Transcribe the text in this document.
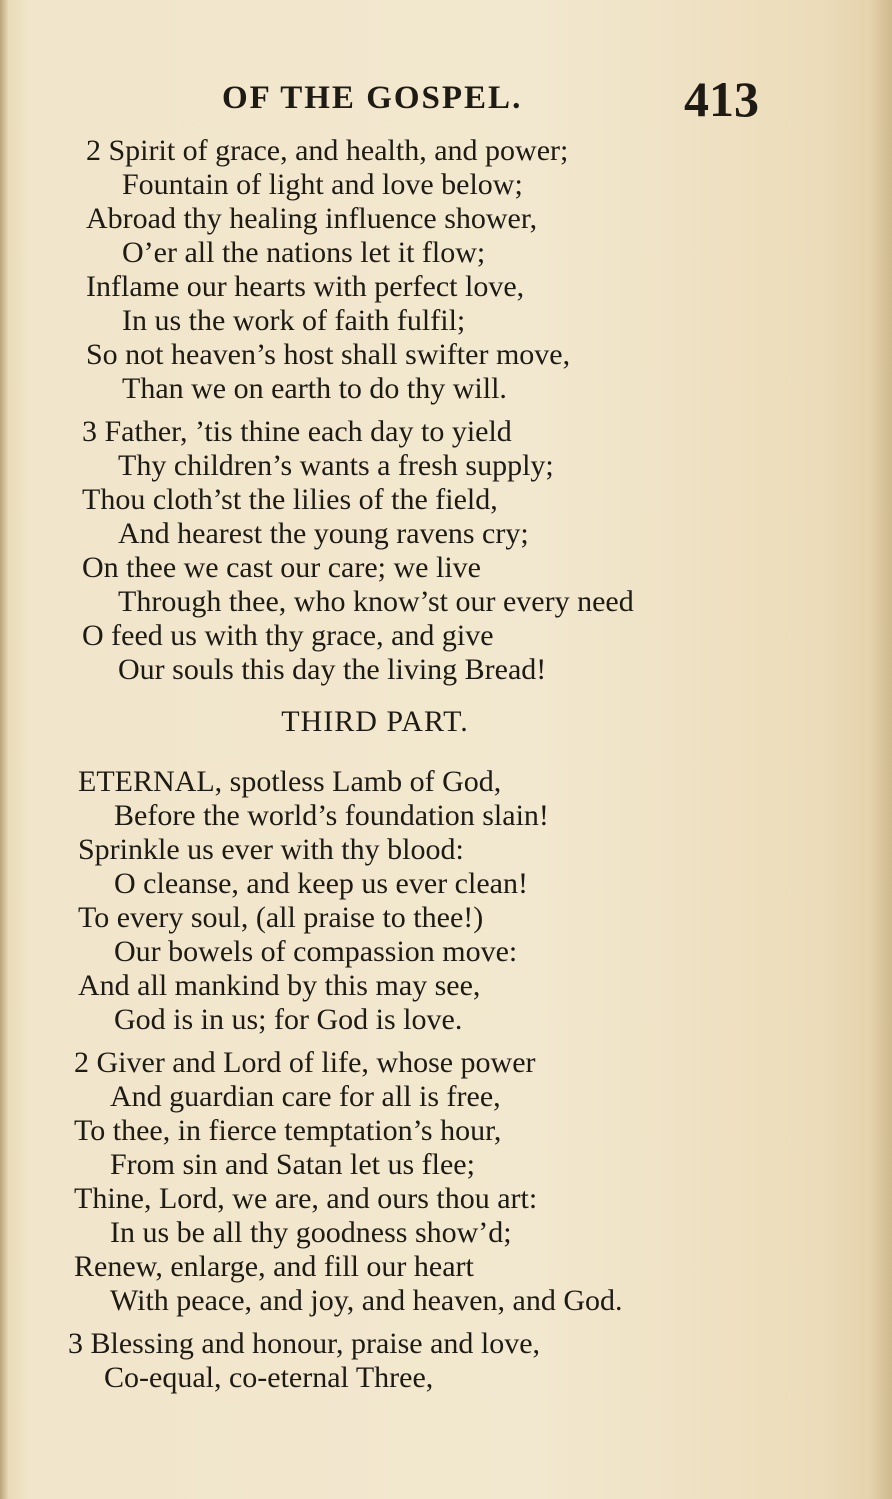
OF THE GOSPEL.	413
2 Spirit of grace, and health, and power;
Fountain of light and love below;
Abroad thy healing influence shower,
O’er all the nations let it flow;
Inflame our hearts with perfect love,
In us the work of faith fulfil;
So not heaven’s host shall swifter move,
Than we on earth to do thy will.
3 Father, ’tis thine each day to yield
Thy children’s wants a fresh supply;
Thou cloth’st the lilies of the field,
And hearest the young ravens cry;
On thee we cast our care; we live
Through thee, who know’st our every need
O feed us with thy grace, and give
Our souls this day the living Bread!
THIRD PART.
ETERNAL, spotless Lamb of God,
Before the world’s foundation slain!
Sprinkle us ever with thy blood:
O cleanse, and keep us ever clean!
To every soul, (all praise to thee!)
Our bowels of compassion move:
And all mankind by this may see,
God is in us; for God is love.
2 Giver and Lord of life, whose power
And guardian care for all is free,
To thee, in fierce temptation’s hour,
From sin and Satan let us flee;
Thine, Lord, we are, and ours thou art:
In us be all thy goodness show’d;
Renew, enlarge, and fill our heart
With peace, and joy, and heaven, and God.
3 Blessing and honour, praise and love,
Co-equal, co-eternal Three,
